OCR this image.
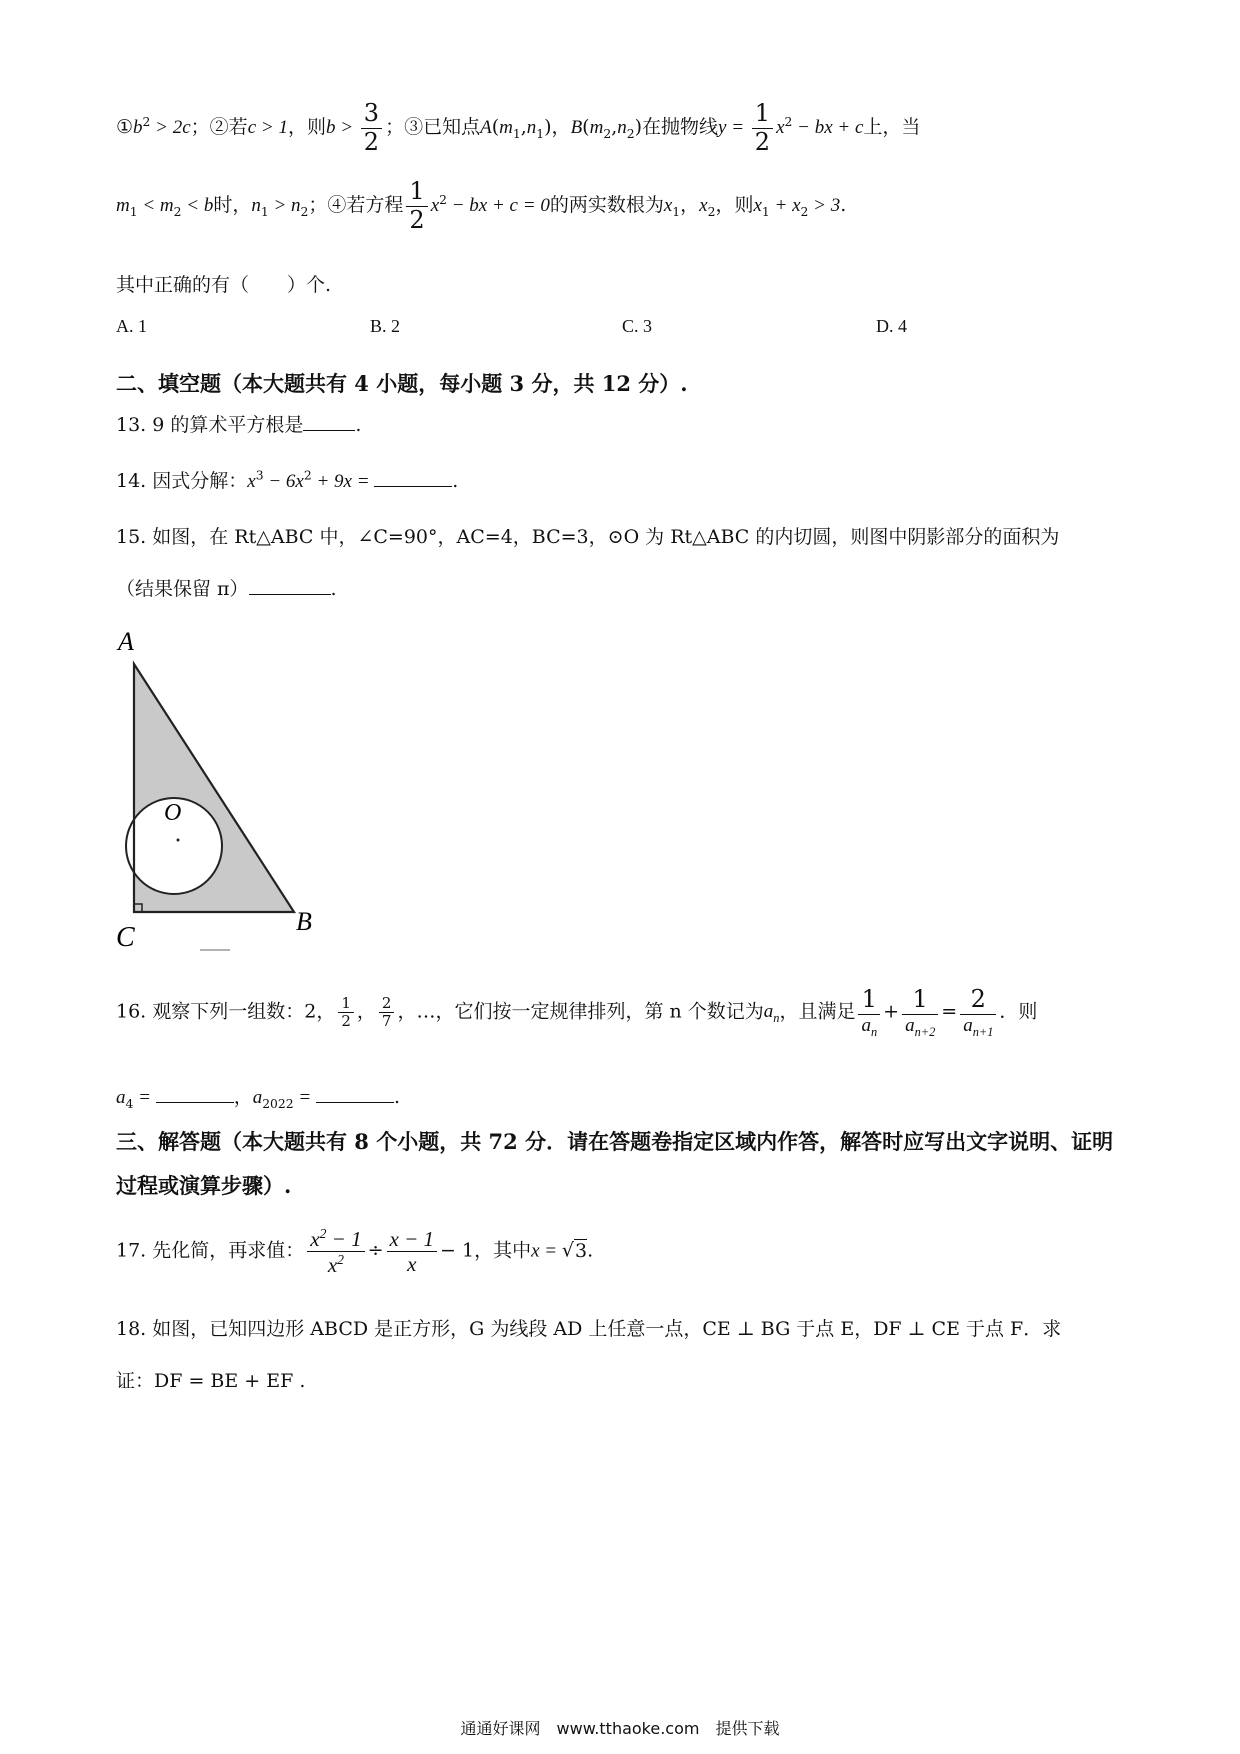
$①b^2 > 2c$；②若c > 1，则$b > \frac{3}{2}$ ；③已知点$A(m_1,n_1)$，$B(m_2,n_2)$在抛物线$y = \frac{1}{2} x^2$ − bx + c上，当
$m_1 < m_2 < b$时，$n_1 > n_2$；④若方程 $\frac{1}{2} x^2$ − bx + c = 0的两实数根为$x_1$，$x_2$，则$x_1 + x_2 > 3$.
其中正确的有（　　）个.
A. 1	B. 2	C. 3	D. 4
二、填空题（本大题共有 4 小题，每小题 3 分，共 12 分）.
13. 9 的算术平方根是	.
14. 因式分解：$x^3 - 6x^2 + 9x$ =	.
15. 如图，在 Rt△ABC 中，∠C=90°，AC=4，BC=3，⊙O 为 Rt△ABC 的内切圆，则图中阴影部分的面积为
（结果保留 π）	.
A
O
C
B
16. 观察下列一组数：2， $\frac{1}{2}$ ， $\frac{2}{7}$ ，…，它们按一定规律排列，第 n 个数记为$a_n$，且满足 $\frac{1}{a_n} + \frac{1}{a_{n+2}} = \frac{2}{a_{n+1}}$ ．则
$a_4$ =	，$a_{2022}$ =	.
三、解答题（本大题共有 8 个小题，共 72 分．请在答题卷指定区域内作答，解答时应写出文字说明、证明过程或演算步骤）.
17. 先化简，再求值： $\frac{x^2 - 1}{x^2} \div \frac{x - 1}{x} - 1$，其中x = √3.
18. 如图，已知四边形 ABCD 是正方形，G 为线段 AD 上任意一点，CE ⊥ BG 于点 E，DF ⊥ CE 于点 F．求
证：DF = BE + EF .
通通好课网　www.tthaoke.com　提供下载
